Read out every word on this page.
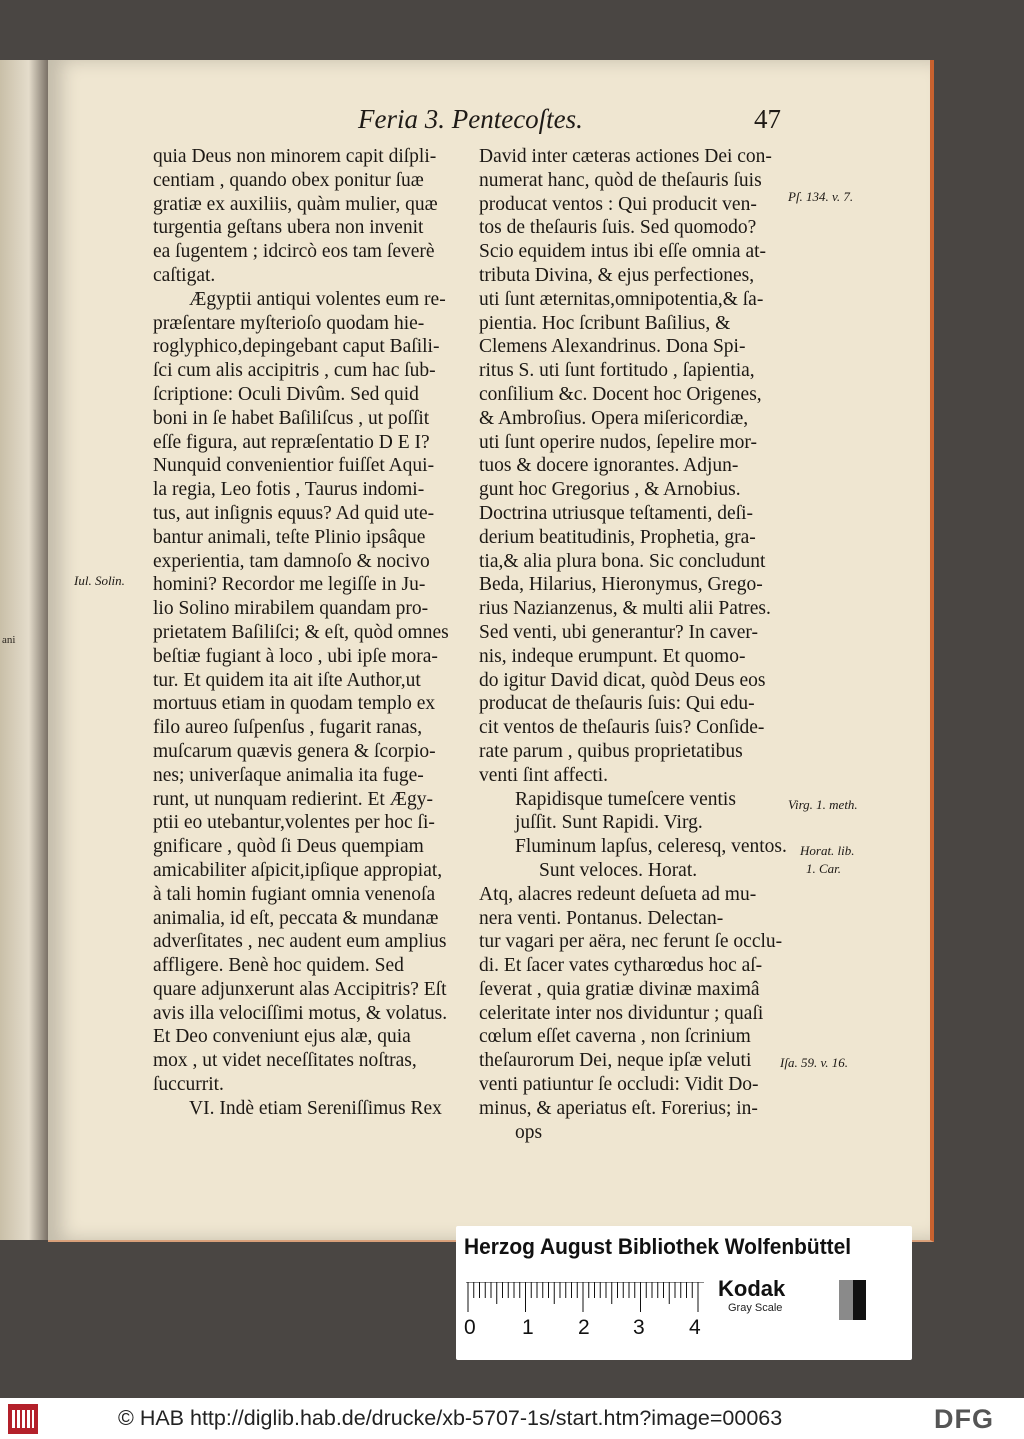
ani
Feria 3. Pentecoſtes.	47
quia Deus non minorem capit diſpli-
centiam , quando obex ponitur ſuæ
gratiæ ex auxiliis, quàm mulier, quæ
turgentia geſtans ubera non invenit
ea ſugentem ; idcircò eos tam ſeverè
caſtigat.
Ægyptii antiqui volentes eum re-
præſentare myſterioſo quodam hie-
roglyphico,depingebant caput Baſili-
ſci cum alis accipitris , cum hac ſub-
ſcriptione: Oculi Divûm. Sed quid
boni in ſe habet Baſiliſcus , ut poſſit
eſſe figura, aut repræſentatio D E I?
Nunquid convenientior fuiſſet Aqui-
la regia, Leo fotis , Taurus indomi-
tus, aut inſignis equus? Ad quid ute-
bantur animali, teſte Plinio ipsâque
experientia, tam damnoſo & nocivo
homini? Recordor me legiſſe in Ju-
lio Solino mirabilem quandam pro-
prietatem Baſiliſci; & eſt, quòd omnes
beſtiæ fugiant à loco , ubi ipſe mora-
tur. Et quidem ita ait iſte Author,ut
mortuus etiam in quodam templo ex
filo aureo ſuſpenſus , fugarit ranas,
muſcarum quævis genera & ſcorpio-
nes; univerſaque animalia ita fuge-
runt, ut nunquam redierint. Et Ægy-
ptii eo utebantur,volentes per hoc ſi-
gnificare , quòd ſi Deus quempiam
amicabiliter aſpicit,ipſique appropiat,
à tali homin fugiant omnia venenoſa
animalia, id eſt, peccata & mundanæ
adverſitates , nec audent eum amplius
affligere. Benè hoc quidem. Sed
quare adjunxerunt alas Accipitris? Eſt
avis illa velociſſimi motus, & volatus.
Et Deo conveniunt ejus alæ, quia
mox , ut videt neceſſitates noſtras,
ſuccurrit.
VI. Indè etiam Sereniſſimus Rex
David inter cæteras actiones Dei con-
numerat hanc, quòd de theſauris ſuis
producat ventos : Qui producit ven-
tos de theſauris ſuis. Sed quomodo?
Scio equidem intus ibi eſſe omnia at-
tributa Divina, & ejus perfectiones,
uti ſunt æternitas,omnipotentia,& ſa-
pientia. Hoc ſcribunt Baſilius, &
Clemens Alexandrinus. Dona Spi-
ritus S. uti ſunt fortitudo , ſapientia,
conſilium &c. Docent hoc Origenes,
& Ambroſius. Opera miſericordiæ,
uti ſunt operire nudos, ſepelire mor-
tuos & docere ignorantes. Adjun-
gunt hoc Gregorius , & Arnobius.
Doctrina utriusque teſtamenti, deſi-
derium beatitudinis, Prophetia, gra-
tia,& alia plura bona. Sic concludunt
Beda, Hilarius, Hieronymus, Grego-
rius Nazianzenus, & multi alii Patres.
Sed venti, ubi generantur? In caver-
nis, indeque erumpunt. Et quomo-
do igitur David dicat, quòd Deus eos
producat de theſauris ſuis: Qui edu-
cit ventos de theſauris ſuis? Conſide-
rate parum , quibus proprietatibus
venti ſint affecti.
Rapidisque tumeſcere ventis
juſſit. Sunt Rapidi. Virg.
Fluminum lapſus, celeresq, ventos.
Sunt veloces. Horat.
Atq, alacres redeunt deſueta ad mu-
nera venti. Pontanus. Delectan-
tur vagari per aëra, nec ferunt ſe occlu-
di. Et ſacer vates cytharœdus hoc aſ-
ſeverat , quia gratiæ divinæ maximâ
celeritate inter nos dividuntur ; quaſi
cœlum eſſet caverna , non ſcrinium
theſaurorum Dei, neque ipſæ veluti
venti patiuntur ſe occludi: Vidit Do-
minus, & aperiatus eſt. Forerius; in-
ops
Iul. Solin.
Pſ. 134. v. 7.
Virg. 1. meth.
Horat. lib.
1. Car.
Iſa. 59. v. 16.
Herzog August Bibliothek Wolfenbüttel
0 1 2 3 4
Kodak
Gray Scale
© HAB http://diglib.hab.de/drucke/xb-5707-1s/start.htm?image=00063	DFG
